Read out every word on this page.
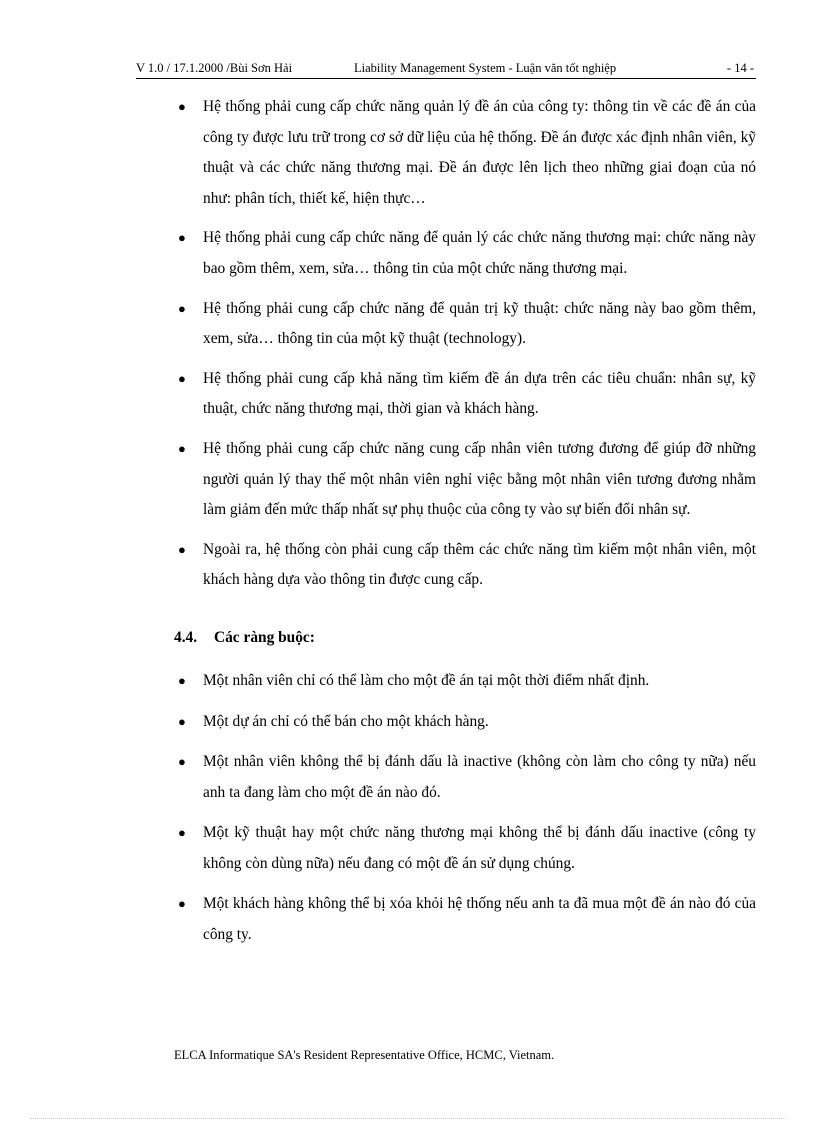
V 1.0 / 17.1.2000 /Bùi Sơn Hải	Liability Management System - Luận văn tốt nghiệp	- 14 -
● Hệ thống phải cung cấp chức năng quản lý đề án của công ty: thông tin về các đề án của công ty được lưu trữ trong cơ sở dữ liệu của hệ thống. Đề án được xác định nhân viên, kỹ thuật và các chức năng thương mại. Đề án được lên lịch theo những giai đoạn của nó như: phân tích, thiết kế, hiện thực…
● Hệ thống phải cung cấp chức năng để quản lý các chức năng thương mại: chức năng này bao gồm thêm, xem, sửa… thông tin của một chức năng thương mại.
● Hệ thống phải cung cấp chức năng để quản trị kỹ thuật: chức năng này bao gồm thêm, xem, sửa… thông tin của một kỹ thuật (technology).
● Hệ thống phải cung cấp khả năng tìm kiếm đề án dựa trên các tiêu chuẩn: nhân sự, kỹ thuật, chức năng thương mại, thời gian và khách hàng.
● Hệ thống phải cung cấp chức năng cung cấp nhân viên tương đương để giúp đỡ những người quản lý thay thế một nhân viên nghỉ việc bằng một nhân viên tương đương nhằm làm giảm đến mức thấp nhất sự phụ thuộc của công ty vào sự biến đổi nhân sự.
● Ngoài ra, hệ thống còn phải cung cấp thêm các chức năng tìm kiếm một nhân viên, một khách hàng dựa vào thông tin được cung cấp.
4.4. Các ràng buộc:
● Một nhân viên chỉ có thể làm cho một đề án tại một thời điểm nhất định.
● Một dự án chỉ có thể bán cho một khách hàng.
● Một nhân viên không thể bị đánh dấu là inactive (không còn làm cho công ty nữa) nếu anh ta đang làm cho một đề án nào đó.
● Một kỹ thuật hay một chức năng thương mại không thể bị đánh dấu inactive (công ty không còn dùng nữa) nếu đang có một đề án sử dụng chúng.
● Một khách hàng không thể bị xóa khỏi hệ thống nếu anh ta đã mua một đề án nào đó của công ty.
ELCA Informatique SA's Resident Representative Office, HCMC, Vietnam.
